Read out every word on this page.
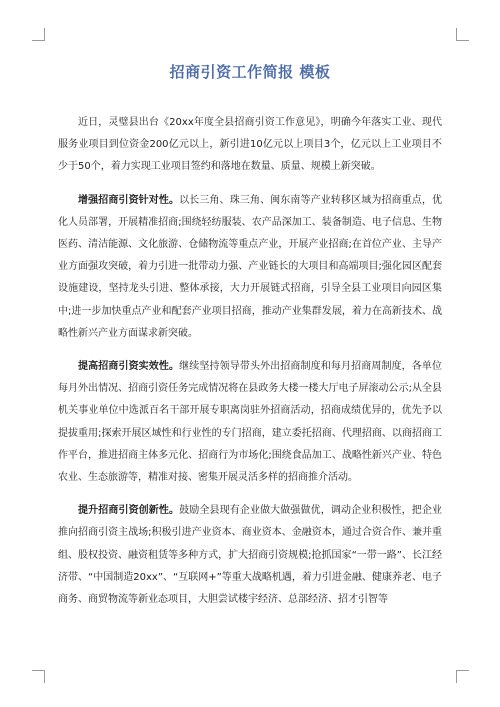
招商引资工作简报 模板

近日，灵璧县出台《20xx年度全县招商引资工作意见》，明确今年落实工业、现代服务业项目到位资金200亿元以上，新引进10亿元以上项目3个，亿元以上工业项目不少于50个，着力实现工业项目签约和落地在数量、质量、规模上新突破。

增强招商引资针对性。以长三角、珠三角、闽东南等产业转移区域为招商重点，优化人员部署，开展精准招商;围绕轻纺服装、农产品深加工、装备制造、电子信息、生物医药、清洁能源、文化旅游、仓储物流等重点产业，开展产业招商;在首位产业、主导产业方面强攻突破，着力引进一批带动力强、产业链长的大项目和高端项目;强化园区配套设施建设，坚持龙头引进、整体承接，大力开展链式招商，引导全县工业项目向园区集中;进一步加快重点产业和配套产业项目招商，推动产业集群发展，着力在高新技术、战略性新兴产业方面谋求新突破。

提高招商引资实效性。继续坚持领导带头外出招商制度和每月招商周制度，各单位每月外出情况、招商引资任务完成情况将在县政务大楼一楼大厅电子屏滚动公示;从全县机关事业单位中选派百名干部开展专职离岗驻外招商活动，招商成绩优异的，优先予以提拔重用;探索开展区域性和行业性的专门招商，建立委托招商、代理招商、以商招商工作平台，推进招商主体多元化、招商行为市场化;围绕食品加工、战略性新兴产业、特色农业、生态旅游等，精准对接、密集开展灵活多样的招商推介活动。

提升招商引资创新性。鼓励全县现有企业做大做强做优，调动企业积极性，把企业推向招商引资主战场;积极引进产业资本、商业资本、金融资本，通过合资合作、兼并重组、股权投资、融资租赁等多种方式，扩大招商引资规模;抢抓国家“一带一路”、长江经济带、“中国制造20xx”、“互联网+”等重大战略机遇，着力引进金融、健康养老、电子商务、商贸物流等新业态项目，大胆尝试楼宇经济、总部经济、招才引智等
